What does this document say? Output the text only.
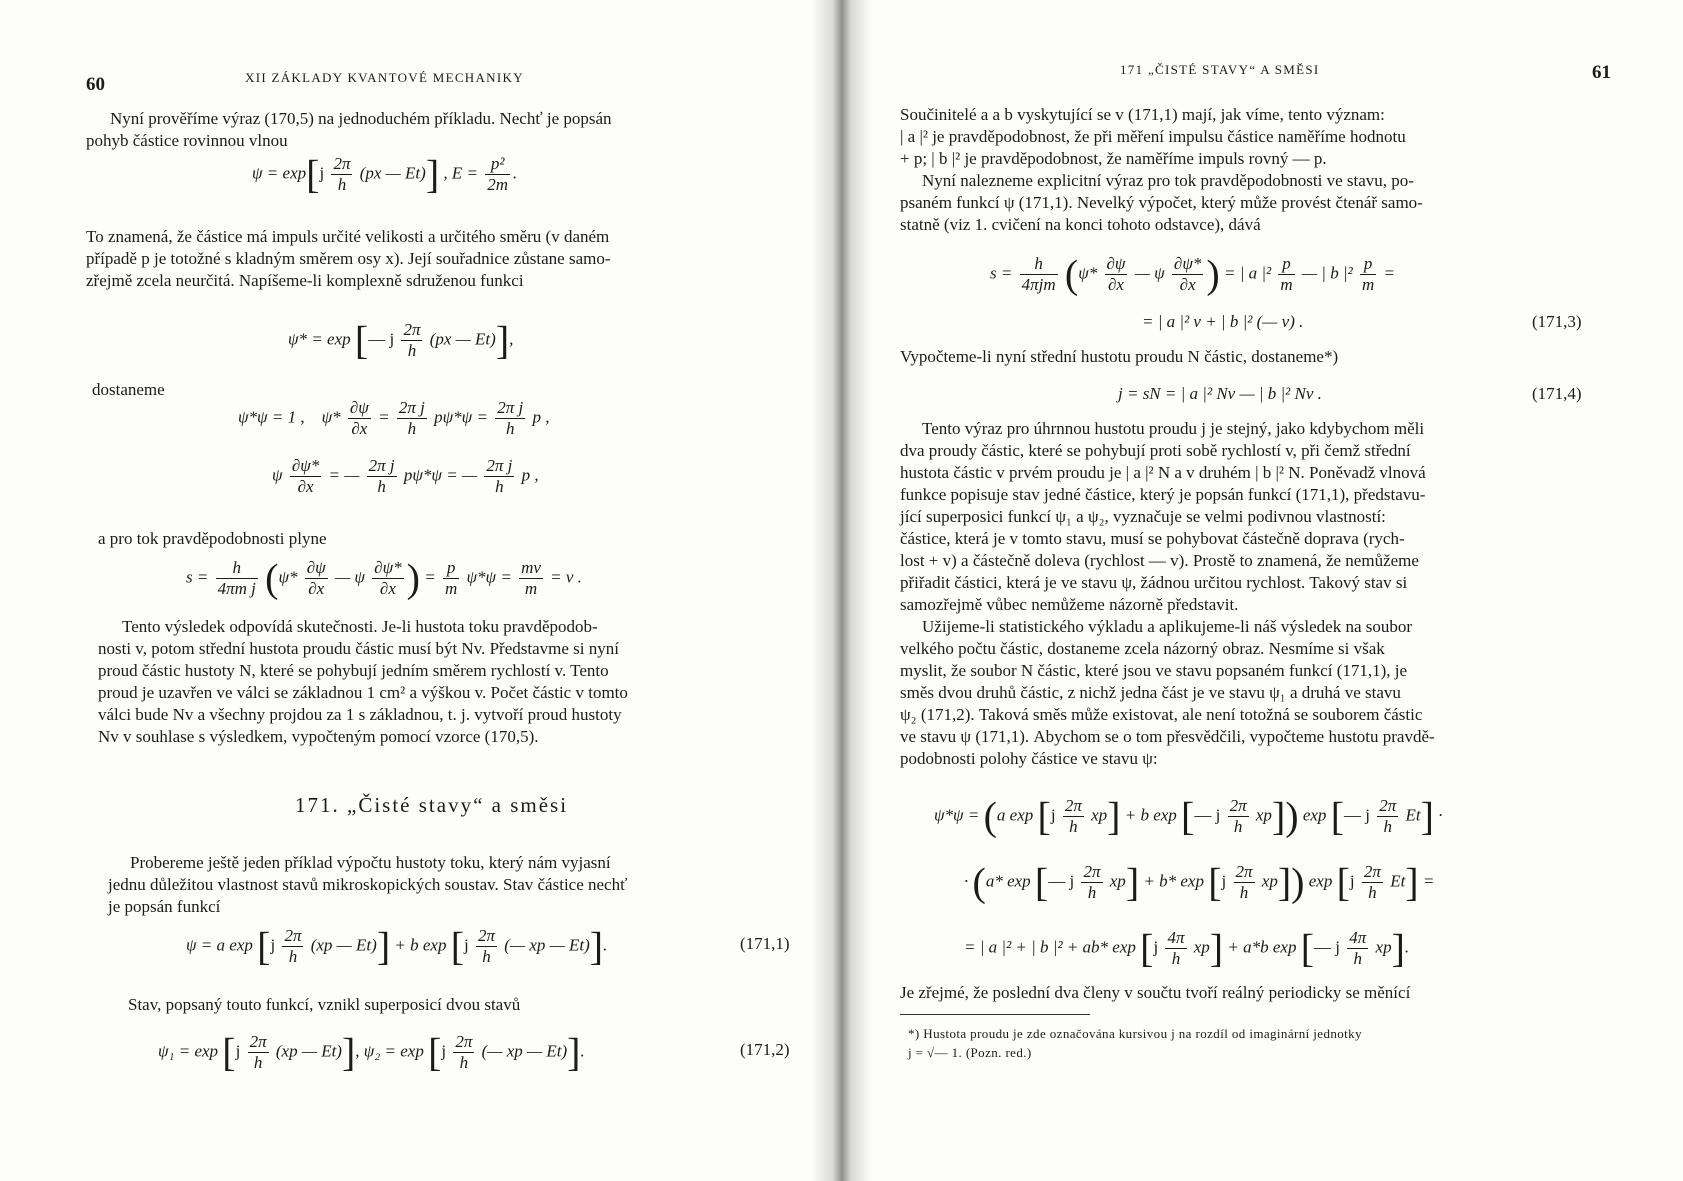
60	XII ZÁKLADY KVANTOVÉ MECHANIKY
Nyní prověříme výraz (170,5) na jednoduchém příkladu. Nechť je popsán
pohyb částice rovinnou vlnou
$\psi = \exp[j \frac{2\pi}{h} (px$ — Et)] , $E = \frac{\text{p²}}{2m}$ .
To znamená, že částice má impuls určité velikosti a určitého směru (v daném
případě p je totožné s kladným směrem osy x). Její souřadnice zůstane samo-
zřejmě zcela neurčitá. Napíšeme-li komplexně sdruženou funkci
ψ* = exp [— j $\frac{2\pi}{h} (px$ — Et)],
dostaneme
ψ*ψ = 1 , $\psi* \frac{\partial\psi}{\partial x} = \frac{\text{2π j}}{h} p\psi*\psi = \frac{\text{2π j}}{h}$ p ,
ψ $\frac{\partial\psi*}{\partial x}$ = — $\frac{\text{2π j}}{h} p\psi*\psi$ = — $\frac{\text{2π j}}{h}$ p ,
a pro tok pravděpodobnosti plyne
$s = \frac{h}{\text{4πm j}} (\psi* \frac{\partial\psi}{\partial x}$ — ψ $\frac{\partial\psi*}{\partial x}$ ) = $\frac{p}{m} \psi*\psi = \frac{mv}{m} = v$ .
Tento výsledek odpovídá skutečnosti. Je-li hustota toku pravděpodob-
nosti v, potom střední hustota proudu částic musí být Nv. Představme si nyní
proud částic hustoty N, které se pohybují jedním směrem rychlostí v. Tento
proud je uzavřen ve válci se základnou 1 cm² a výškou v. Počet částic v tomto
válci bude Nv a všechny projdou za 1 s základnou, t. j. vytvoří proud hustoty
Nv v souhlase s výsledkem, vypočteným pomocí vzorce (170,5).
171. „Čisté stavy“ a směsi
Probereme ještě jeden příklad výpočtu hustoty toku, který nám vyjasní
jednu důležitou vlastnost stavů mikroskopických soustav. Stav částice nechť
je popsán funkcí
ψ = a $\exp [j \frac{2\pi}{h} (xp$ — Et)] + b $\exp [j \frac{2\pi}{h}$ (— xp — Et)].	(171,1)
Stav, popsaný touto funkcí, vznikl superposicí dvou stavů
$\psi_1 = \exp [j \frac{2\pi}{h} (xp$ — Et)], $\psi_2 = \exp [j \frac{2\pi}{h}$ (— xp — Et)].	(171,2)
171 „ČISTÉ STAVY“ A SMĚSI	61
Součinitelé a a b vyskytující se v (171,1) mají, jak víme, tento význam:
| a |² je pravděpodobnost, že při měření impulsu částice naměříme hodnotu
+ p; | b |² je pravděpodobnost, že naměříme impuls rovný — p.
Nyní nalezneme explicitní výraz pro tok pravděpodobnosti ve stavu, po-
psaném funkcí ψ (171,1). Nevelký výpočet, který může provést čtenář samo-
statně (viz 1. cvičení na konci tohoto odstavce), dává
$s = \frac{h}{\text{4πjm}} (\psi* \frac{\partial\psi}{\partial x}$ — ψ $\frac{\partial\psi*}{\partial x}$ ) = | a $|^2 \frac{p}{m}$ — | b $|^2 \frac{p}{m}$ =
= | a |² v + | b |² (— v) .	(171,3)
Vypočteme-li nyní střední hustotu proudu N částic, dostaneme*)
j = sN = | a |² Nv — | b |² Nv .	(171,4)
Tento výraz pro úhrnnou hustotu proudu j je stejný, jako kdybychom měli
dva proudy částic, které se pohybují proti sobě rychlostí v, při čemž střední
hustota částic v prvém proudu je | a |² N a v druhém | b |² N. Poněvadž vlnová
funkce popisuje stav jedné částice, který je popsán funkcí (171,1), představu-
jící superposici funkcí ψ₁ a ψ₂, vyznačuje se velmi podivnou vlastností:
částice, která je v tomto stavu, musí se pohybovat částečně doprava (rych-
lost + v) a částečně doleva (rychlost — v). Prostě to znamená, že nemůžeme
přiřadit částici, která je ve stavu ψ, žádnou určitou rychlost. Takový stav si
samozřejmě vůbec nemůžeme názorně představit.
Užijeme-li statistického výkladu a aplikujeme-li náš výsledek na soubor
velkého počtu částic, dostaneme zcela názorný obraz. Nesmíme si však
myslit, že soubor N částic, které jsou ve stavu popsaném funkcí (171,1), je
směs dvou druhů částic, z nichž jedna část je ve stavu ψ₁ a druhá ve stavu
ψ₂ (171,2). Taková směs může existovat, ale není totožná se souborem částic
ve stavu ψ (171,1). Abychom se o tom přesvědčili, vypočteme hustotu pravdě-
podobnosti polohy částice ve stavu ψ:
ψ*ψ = (a $\exp [j \frac{2\pi}{h} xp] + b$ exp [— j $\frac{2\pi}{h} xp$]) exp [— j $\frac{2\pi}{h} Et$] ·
· (a* exp [— j $\frac{2\pi}{h} xp] + b*$ $\exp [j \frac{2\pi}{h} xp]$) $\exp [j \frac{2\pi}{h} Et]$ =
= | a |² + | b |² + ab* $\exp [j \frac{4\pi}{h} xp] + a*b$ exp [— j $\frac{4\pi}{h} xp$].
Je zřejmé, že poslední dva členy v součtu tvoří reálný periodicky se měnící
*) Hustota proudu je zde označována kursivou j na rozdíl od imaginární jednotky
j = √— 1. (Pozn. red.)
